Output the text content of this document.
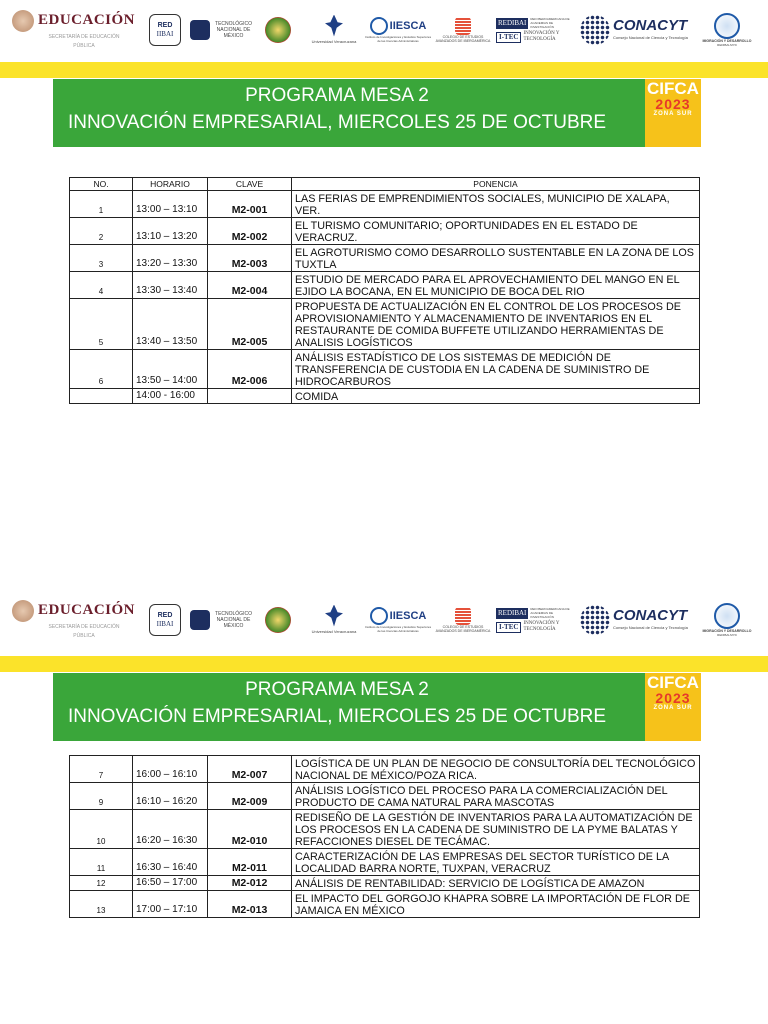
EDUCACIÓN
SECRETARÍA DE EDUCACIÓN PÚBLICA
RED
IIBAI
TECNOLÓGICO NACIONAL DE MÉXICO
Universidad Veracruzana
IIESCA
Instituto de Investigaciones y Estudios Superiores de las Ciencias Administrativas
COLEGIO DE ESTUDIOS AVANZADOS DE IBEROAMÉRICA
REDIBAI	RED IBEROAMERICANA DE ACADEMIAS DE INVESTIGACIÓN
I-TEC	INNOVACIÓN Y TECNOLOGÍA
CONACYT
Consejo Nacional de Ciencia y Tecnología
MIGRACIÓN Y DESARROLLO
REDIBAI-MYD
PROGRAMA MESA 2
INNOVACIÓN EMPRESARIAL, MIERCOLES 25 DE OCTUBRE
CIFCA
2023
ZONA SUR
NO.	HORARIO	CLAVE	PONENCIA
1	13:00 – 13:10	M2-001	LAS FERIAS DE EMPRENDIMIENTOS SOCIALES, MUNICIPIO DE XALAPA, VER.
2	13:10 – 13:20	M2-002	EL TURISMO COMUNITARIO; OPORTUNIDADES EN EL ESTADO DE VERACRUZ.
3	13:20 – 13:30	M2-003	EL AGROTURISMO COMO DESARROLLO SUSTENTABLE EN LA ZONA DE LOS TUXTLA
4	13:30 – 13:40	M2-004	ESTUDIO DE MERCADO PARA EL APROVECHAMIENTO DEL MANGO EN EL EJIDO LA BOCANA, EN EL MUNICIPIO DE BOCA DEL RIO
5	13:40 – 13:50	M2-005	PROPUESTA DE ACTUALIZACIÓN EN EL CONTROL DE LOS PROCESOS DE APROVISIONAMIENTO Y ALMACENAMIENTO DE INVENTARIOS EN EL RESTAURANTE DE COMIDA BUFFETE UTILIZANDO HERRAMIENTAS DE ANALISIS LOGÍSTICOS
6	13:50 – 14:00	M2-006	ANÁLISIS ESTADÍSTICO DE LOS SISTEMAS DE MEDICIÓN DE TRANSFERENCIA DE CUSTODIA EN LA CADENA DE SUMINISTRO DE HIDROCARBUROS
	14:00 - 16:00		COMIDA
EDUCACIÓN
SECRETARÍA DE EDUCACIÓN PÚBLICA
RED
IIBAI
TECNOLÓGICO NACIONAL DE MÉXICO
Universidad Veracruzana
IIESCA
Instituto de Investigaciones y Estudios Superiores de las Ciencias Administrativas
COLEGIO DE ESTUDIOS AVANZADOS DE IBEROAMÉRICA
REDIBAI	RED IBEROAMERICANA DE ACADEMIAS DE INVESTIGACIÓN
I-TEC	INNOVACIÓN Y TECNOLOGÍA
CONACYT
Consejo Nacional de Ciencia y Tecnología
MIGRACIÓN Y DESARROLLO
REDIBAI-MYD
PROGRAMA MESA 2
INNOVACIÓN EMPRESARIAL, MIERCOLES 25 DE OCTUBRE
CIFCA
2023
ZONA SUR
7	16:00 – 16:10	M2-007	LOGÍSTICA DE UN PLAN DE NEGOCIO DE CONSULTORÍA DEL TECNOLÓGICO NACIONAL DE MÉXICO/POZA RICA.
9	16:10 – 16:20	M2-009	ANÁLISIS LOGÍSTICO DEL PROCESO PARA LA COMERCIALIZACIÓN DEL PRODUCTO DE CAMA NATURAL PARA MASCOTAS
10	16:20 – 16:30	M2-010	REDISEÑO DE LA GESTIÓN DE INVENTARIOS PARA LA AUTOMATIZACIÓN DE LOS PROCESOS EN LA CADENA DE SUMINISTRO DE LA PYME BALATAS Y REFACCIONES DIESEL DE TECÁMAC.
11	16:30 – 16:40	M2-011	CARACTERIZACIÓN DE LAS EMPRESAS DEL SECTOR TURÍSTICO DE LA LOCALIDAD BARRA NORTE, TUXPAN, VERACRUZ
12	16:50 – 17:00	M2-012	ANÁLISIS DE RENTABILIDAD: SERVICIO DE LOGÍSTICA DE AMAZON
13	17:00 – 17:10	M2-013	EL IMPACTO DEL GORGOJO KHAPRA SOBRE LA IMPORTACIÓN DE FLOR DE JAMAICA EN MÉXICO
